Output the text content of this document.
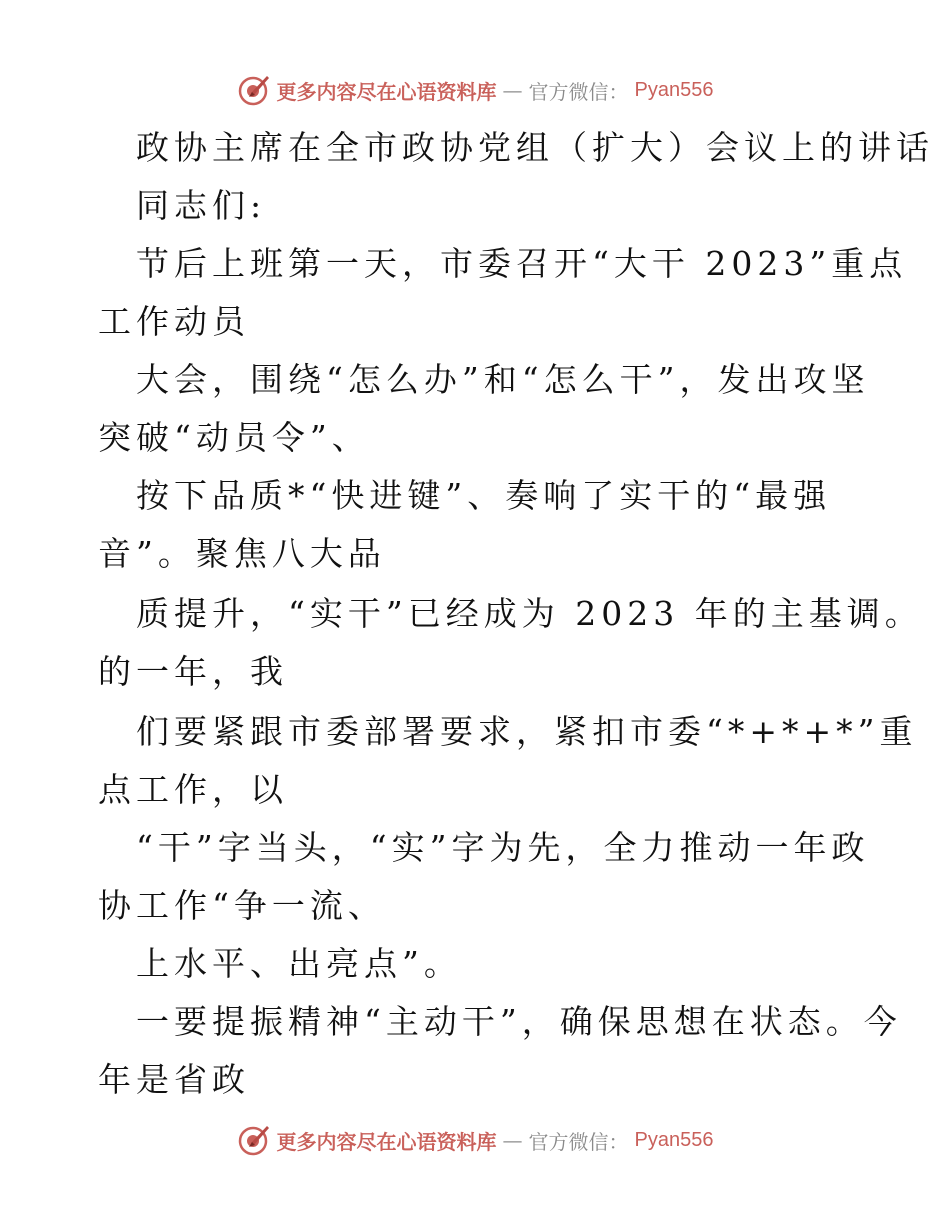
更多内容尽在心语资料库 — 官方微信： Pyan556
政协主席在全市政协党组（扩大）会议上的讲话
同志们:
节后上班第一天，市委召开“大干 2023”重点
工作动员
大会，围绕“怎么办”和“怎么干”，发出攻坚
突破“动员令”、
按下品质*“快进键”、奏响了实干的“最强
音”。聚焦八大品
质提升，“实干”已经成为 2023 年的主基调。
的一年，我
们要紧跟市委部署要求，紧扣市委“*+*+*”重
点工作，以
“干”字当头，“实”字为先，全力推动一年政
协工作“争一流、
上水平、出亮点”。
一要提振精神“主动干”，确保思想在状态。今
年是省政
更多内容尽在心语资料库 — 官方微信： Pyan556
